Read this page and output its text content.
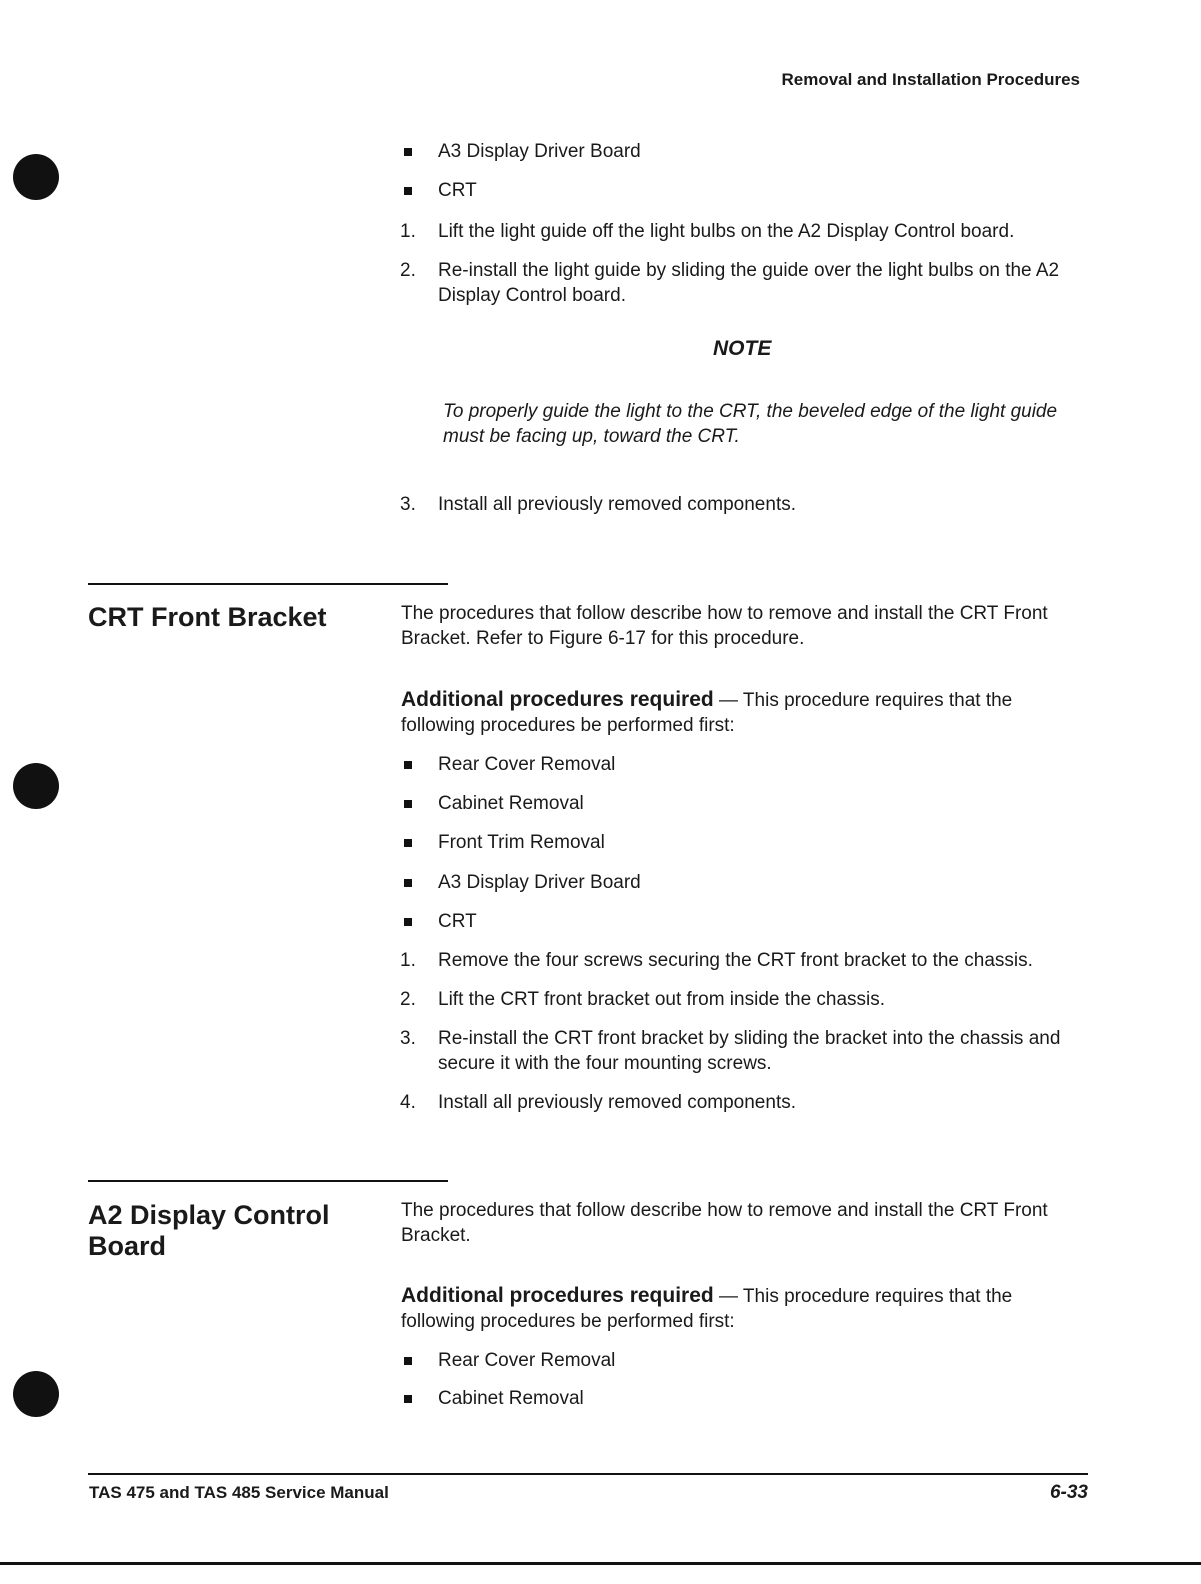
Removal and Installation Procedures
A3 Display Driver Board
CRT
1. Lift the light guide off the light bulbs on the A2 Display Control board.
2. Re-install the light guide by sliding the guide over the light bulbs on the A2 Display Control board.
NOTE
To properly guide the light to the CRT, the beveled edge of the light guide must be facing up, toward the CRT.
3. Install all previously removed components.
CRT Front Bracket	The procedures that follow describe how to remove and install the CRT Front Bracket. Refer to Figure 6-17 for this procedure.
Additional procedures required — This procedure requires that the following procedures be performed first:
Rear Cover Removal
Cabinet Removal
Front Trim Removal
A3 Display Driver Board
CRT
1. Remove the four screws securing the CRT front bracket to the chassis.
2. Lift the CRT front bracket out from inside the chassis.
3. Re-install the CRT front bracket by sliding the bracket into the chassis and secure it with the four mounting screws.
4. Install all previously removed components.
A2 Display Control Board
The procedures that follow describe how to remove and install the CRT Front Bracket.
Additional procedures required — This procedure requires that the following procedures be performed first:
Rear Cover Removal
Cabinet Removal
TAS 475 and TAS 485 Service Manual	6-33
